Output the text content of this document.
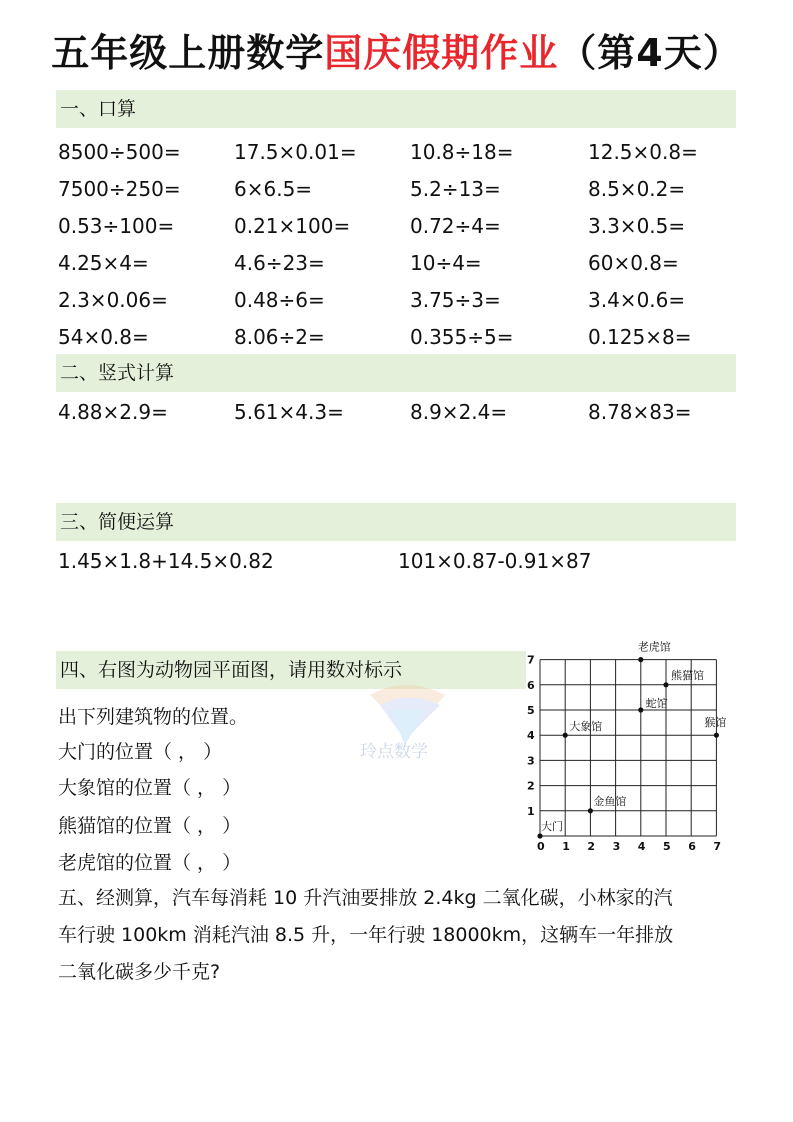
五年级上册数学国庆假期作业（第4天）
一、口算
8500÷500=	17.5×0.01=	10.8÷18=	12.5×0.8=
7500÷250=	6×6.5=	5.2÷13=	8.5×0.2=
0.53÷100=	0.21×100=	0.72÷4=	3.3×0.5=
4.25×4=	4.6÷23=	10÷4=	60×0.8=
2.3×0.06=	0.48÷6=	3.75÷3=	3.4×0.6=
54×0.8=	8.06÷2=	0.355÷5=	0.125×8=
二、竖式计算
4.88×2.9=	5.61×4.3=	8.9×2.4=	8.78×83=
三、简便运算
1.45×1.8+14.5×0.82	101×0.87-0.91×87
四、右图为动物园平面图，请用数对标示
出下列建筑物的位置。
大门的位置（ ， ）
大象馆的位置（ ， ）
熊猫馆的位置（ ， ）
老虎馆的位置（ ， ）
玲点数学
0 1 2 3 4 5 6 7
1
2
3
4
5
6
7
大门
大象馆
熊猫馆
老虎馆
蛇馆
猴馆
金鱼馆
五、经测算，汽车每消耗 10 升汽油要排放 2.4kg 二氧化碳，小林家的汽
车行驶 100km 消耗汽油 8.5 升，一年行驶 18000km，这辆车一年排放
二氧化碳多少千克?
